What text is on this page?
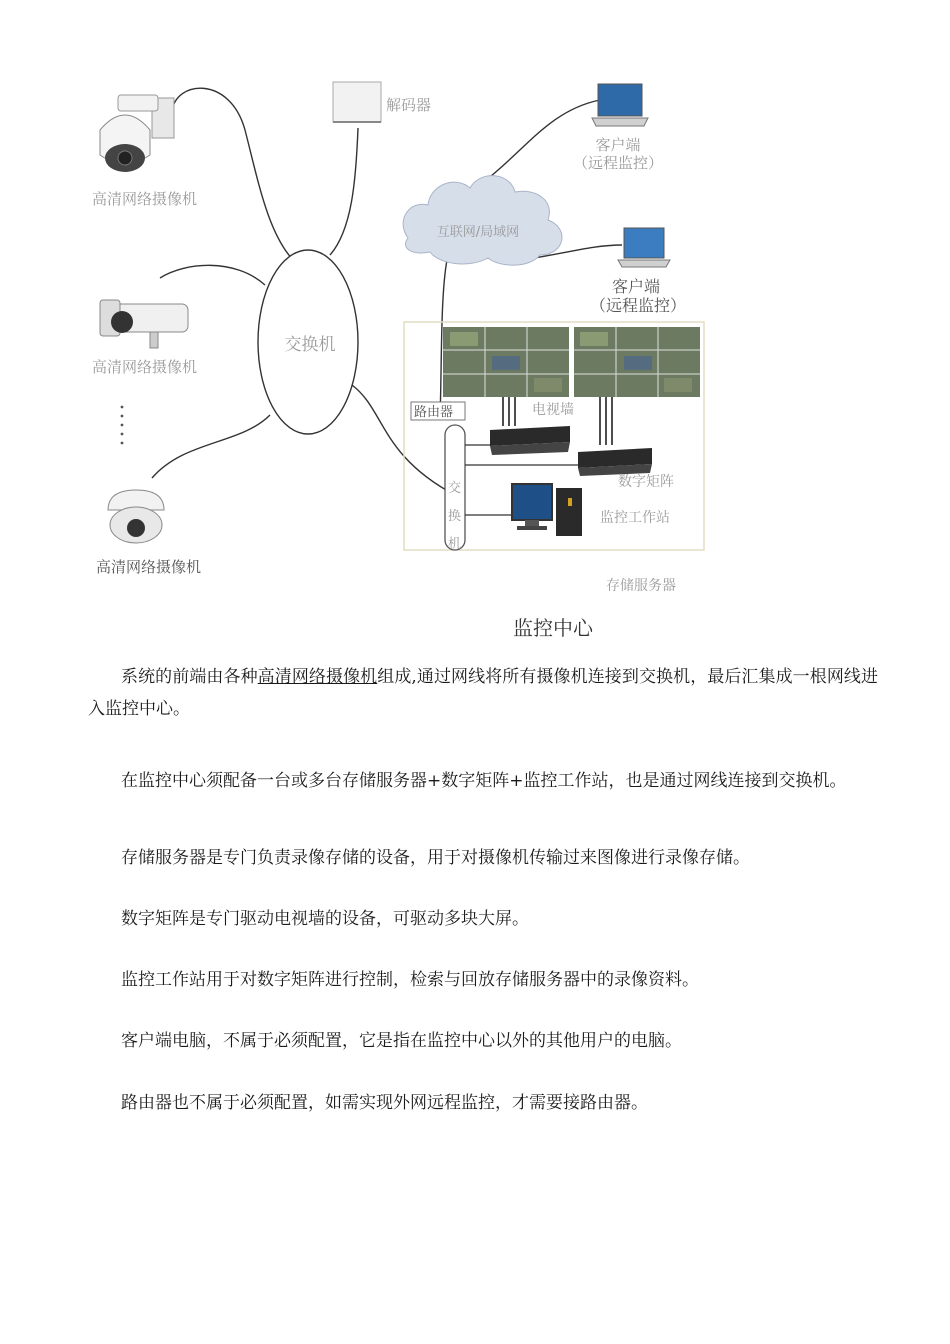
交换机
高清网络摄像机
解码器
高清网络摄像机
高清网络摄像机
互联网/局域网
客户端
（远程监控）
客户端
（远程监控）
电视墙
路由器
交
换
机
数字矩阵
监控工作站
存储服务器
监控中心

系统的前端由各种高清网络摄像机组成,通过网线将所有摄像机连接到交换机，最后汇集成一根网线进入监控中心。

在监控中心须配备一台或多台存储服务器+数字矩阵+监控工作站，也是通过网线连接到交换机。

存储服务器是专门负责录像存储的设备，用于对摄像机传输过来图像进行录像存储。

数字矩阵是专门驱动电视墙的设备，可驱动多块大屏。

监控工作站用于对数字矩阵进行控制，检索与回放存储服务器中的录像资料。

客户端电脑，不属于必须配置，它是指在监控中心以外的其他用户的电脑。

路由器也不属于必须配置，如需实现外网远程监控，才需要接路由器。
